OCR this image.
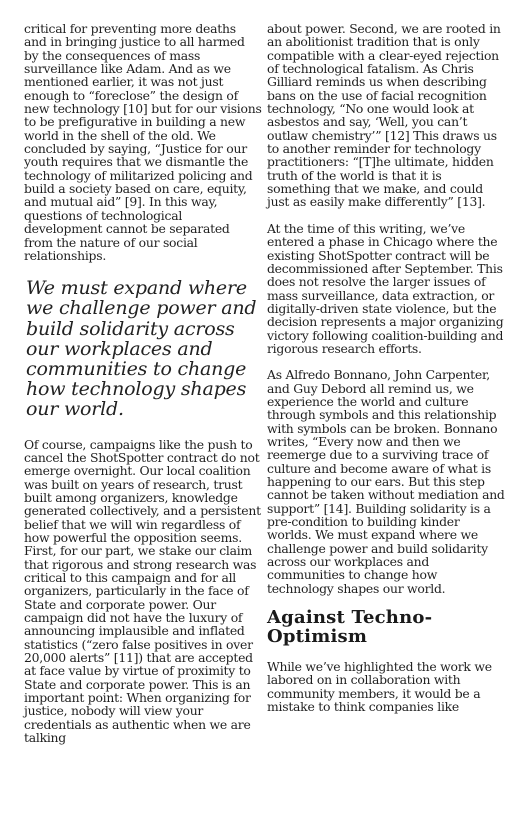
critical for preventing more deaths and in bringing justice to all harmed by the consequences of mass surveillance like Adam. And as we mentioned earlier, it was not just enough to “foreclose” the design of new technology [10] but for our visions to be prefigurative in building a new world in the shell of the old. We concluded by saying, “Justice for our youth requires that we dismantle the technology of militarized policing and build a society based on care, equity, and mutual aid” [9]. In this way, questions of technological development cannot be separated from the nature of our social relationships.

We must expand where we challenge power and build solidarity across our workplaces and communities to change how technology shapes our world.

Of course, campaigns like the push to cancel the ShotSpotter contract do not emerge overnight. Our local coalition was built on years of research, trust built among organizers, knowledge generated collectively, and a persistent belief that we will win regardless of how powerful the opposition seems. First, for our part, we stake our claim that rigorous and strong research was critical to this campaign and for all organizers, particularly in the face of State and corporate power. Our campaign did not have the luxury of announcing implausible and inflated statistics (“zero false positives in over 20,000 alerts” [11]) that are accepted at face value by virtue of proximity to State and corporate power. This is an important point: When organizing for justice, nobody will view your credentials as authentic when we are talking

about power. Second, we are rooted in an abolitionist tradition that is only compatible with a clear-eyed rejection of technological fatalism. As Chris Gilliard reminds us when describing bans on the use of facial recognition technology, “No one would look at asbestos and say, ‘Well, you can’t outlaw chemistry’” [12] This draws us to another reminder for technology practitioners: “[T]he ultimate, hidden truth of the world is that it is something that we make, and could just as easily make differently” [13].

At the time of this writing, we’ve entered a phase in Chicago where the existing ShotSpotter contract will be decommissioned after September. This does not resolve the larger issues of mass surveillance, data extraction, or digitally-driven state violence, but the decision represents a major organizing victory following coalition-building and rigorous research efforts.

As Alfredo Bonnano, John Carpenter, and Guy Debord all remind us, we experience the world and culture through symbols and this relationship with symbols can be broken. Bonnano writes, “Every now and then we reemerge due to a surviving trace of culture and become aware of what is happening to our ears. But this step cannot be taken without mediation and support” [14]. Building solidarity is a pre-condition to building kinder worlds. We must expand where we challenge power and build solidarity across our workplaces and communities to change how technology shapes our world.

Against Techno-Optimism

While we’ve highlighted the work we labored on in collaboration with community members, it would be a mistake to think companies like
